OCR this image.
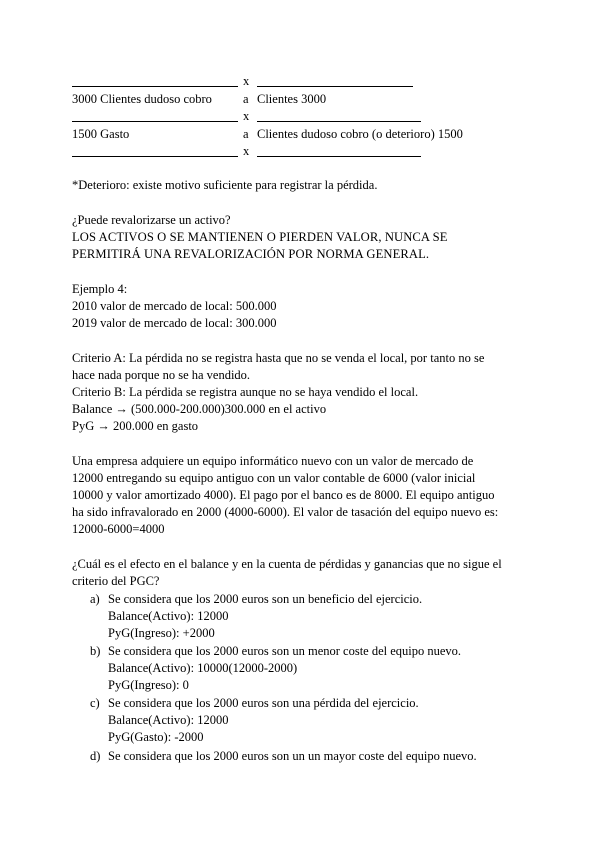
x
3000 Clientes dudoso cobro a Clientes 3000
x
1500 Gasto	a Clientes dudoso cobro (o deterioro) 1500
x
*Deterioro: existe motivo suficiente para registrar la pérdida.
¿Puede revalorizarse un activo?
LOS ACTIVOS O SE MANTIENEN O PIERDEN VALOR, NUNCA SE
PERMITIRÁ UNA REVALORIZACIÓN POR NORMA GENERAL.
Ejemplo 4:
2010 valor de mercado de local: 500.000
2019 valor de mercado de local: 300.000
Criterio A: La pérdida no se registra hasta que no se venda el local, por tanto no se
hace nada porque no se ha vendido.
Criterio B: La pérdida se registra aunque no se haya vendido el local.
Balance → (500.000-200.000)300.000 en el activo
PyG → 200.000 en gasto
Una empresa adquiere un equipo informático nuevo con un valor de mercado de
12000 entregando su equipo antiguo con un valor contable de 6000 (valor inicial
10000 y valor amortizado 4000). El pago por el banco es de 8000. El equipo antiguo
ha sido infravalorado en 2000 (4000-6000). El valor de tasación del equipo nuevo es:
12000-6000=4000
¿Cuál es el efecto en el balance y en la cuenta de pérdidas y ganancias que no sigue el
criterio del PGC?
a) Se considera que los 2000 euros son un beneficio del ejercicio.
Balance(Activo): 12000
PyG(Ingreso): +2000
b) Se considera que los 2000 euros son un menor coste del equipo nuevo.
Balance(Activo): 10000(12000-2000)
PyG(Ingreso): 0
c) Se considera que los 2000 euros son una pérdida del ejercicio.
Balance(Activo): 12000
PyG(Gasto): -2000
d) Se considera que los 2000 euros son un un mayor coste del equipo nuevo.
